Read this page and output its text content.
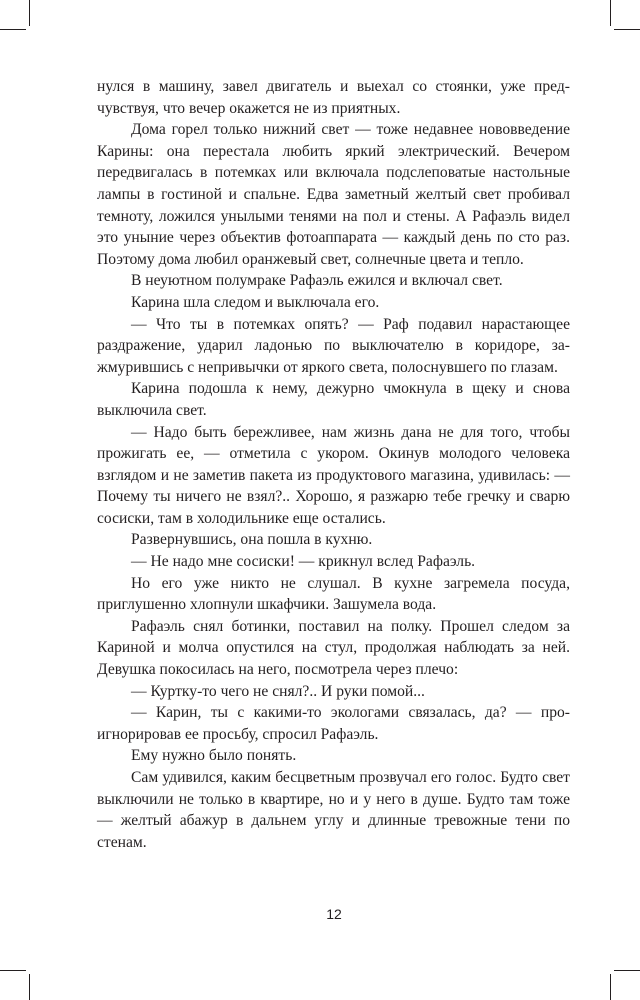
нулся в машину, завел двигатель и выехал со стоянки, уже предчувствуя, что вечер окажется не из приятных.

Дома горел только нижний свет — тоже недавнее нововведение Карины: она перестала любить яркий электрический. Вечером передвигалась в потемках или включала подслеповатые настольные лампы в гостиной и спальне. Едва заметный желтый свет пробивал темноту, ложился унылыми тенями на пол и стены. А Рафаэль видел это уныние через объектив фотоаппарата — каждый день по сто раз. Поэтому дома любил оранжевый свет, солнечные цвета и тепло.

В неуютном полумраке Рафаэль ежился и включал свет.

Карина шла следом и выключала его.

— Что ты в потемках опять? — Раф подавил нарастающее раздражение, ударил ладонью по выключателю в коридоре, зажмурившись с непривычки от яркого света, полоснувшего по глазам.

Карина подошла к нему, дежурно чмокнула в щеку и снова выключила свет.

— Надо быть бережливее, нам жизнь дана не для того, чтобы прожигать ее, — отметила с укором. Окинув молодого человека взглядом и не заметив пакета из продуктового магазина, удивилась: — Почему ты ничего не взял?.. Хорошо, я разжарю тебе гречку и сварю сосиски, там в холодильнике еще остались.

Развернувшись, она пошла в кухню.

— Не надо мне сосиски! — крикнул вслед Рафаэль.

Но его уже никто не слушал. В кухне загремела посуда, приглушенно хлопнули шкафчики. Зашумела вода.

Рафаэль снял ботинки, поставил на полку. Прошел следом за Кариной и молча опустился на стул, продолжая наблюдать за ней. Девушка покосилась на него, посмотрела через плечо:

— Куртку-то чего не снял?.. И руки помой...

— Карин, ты с какими-то экологами связалась, да? — проигнорировав ее просьбу, спросил Рафаэль.

Ему нужно было понять.

Сам удивился, каким бесцветным прозвучал его голос. Будто свет выключили не только в квартире, но и у него в душе. Будто там тоже — желтый абажур в дальнем углу и длинные тревожные тени по стенам.

12
